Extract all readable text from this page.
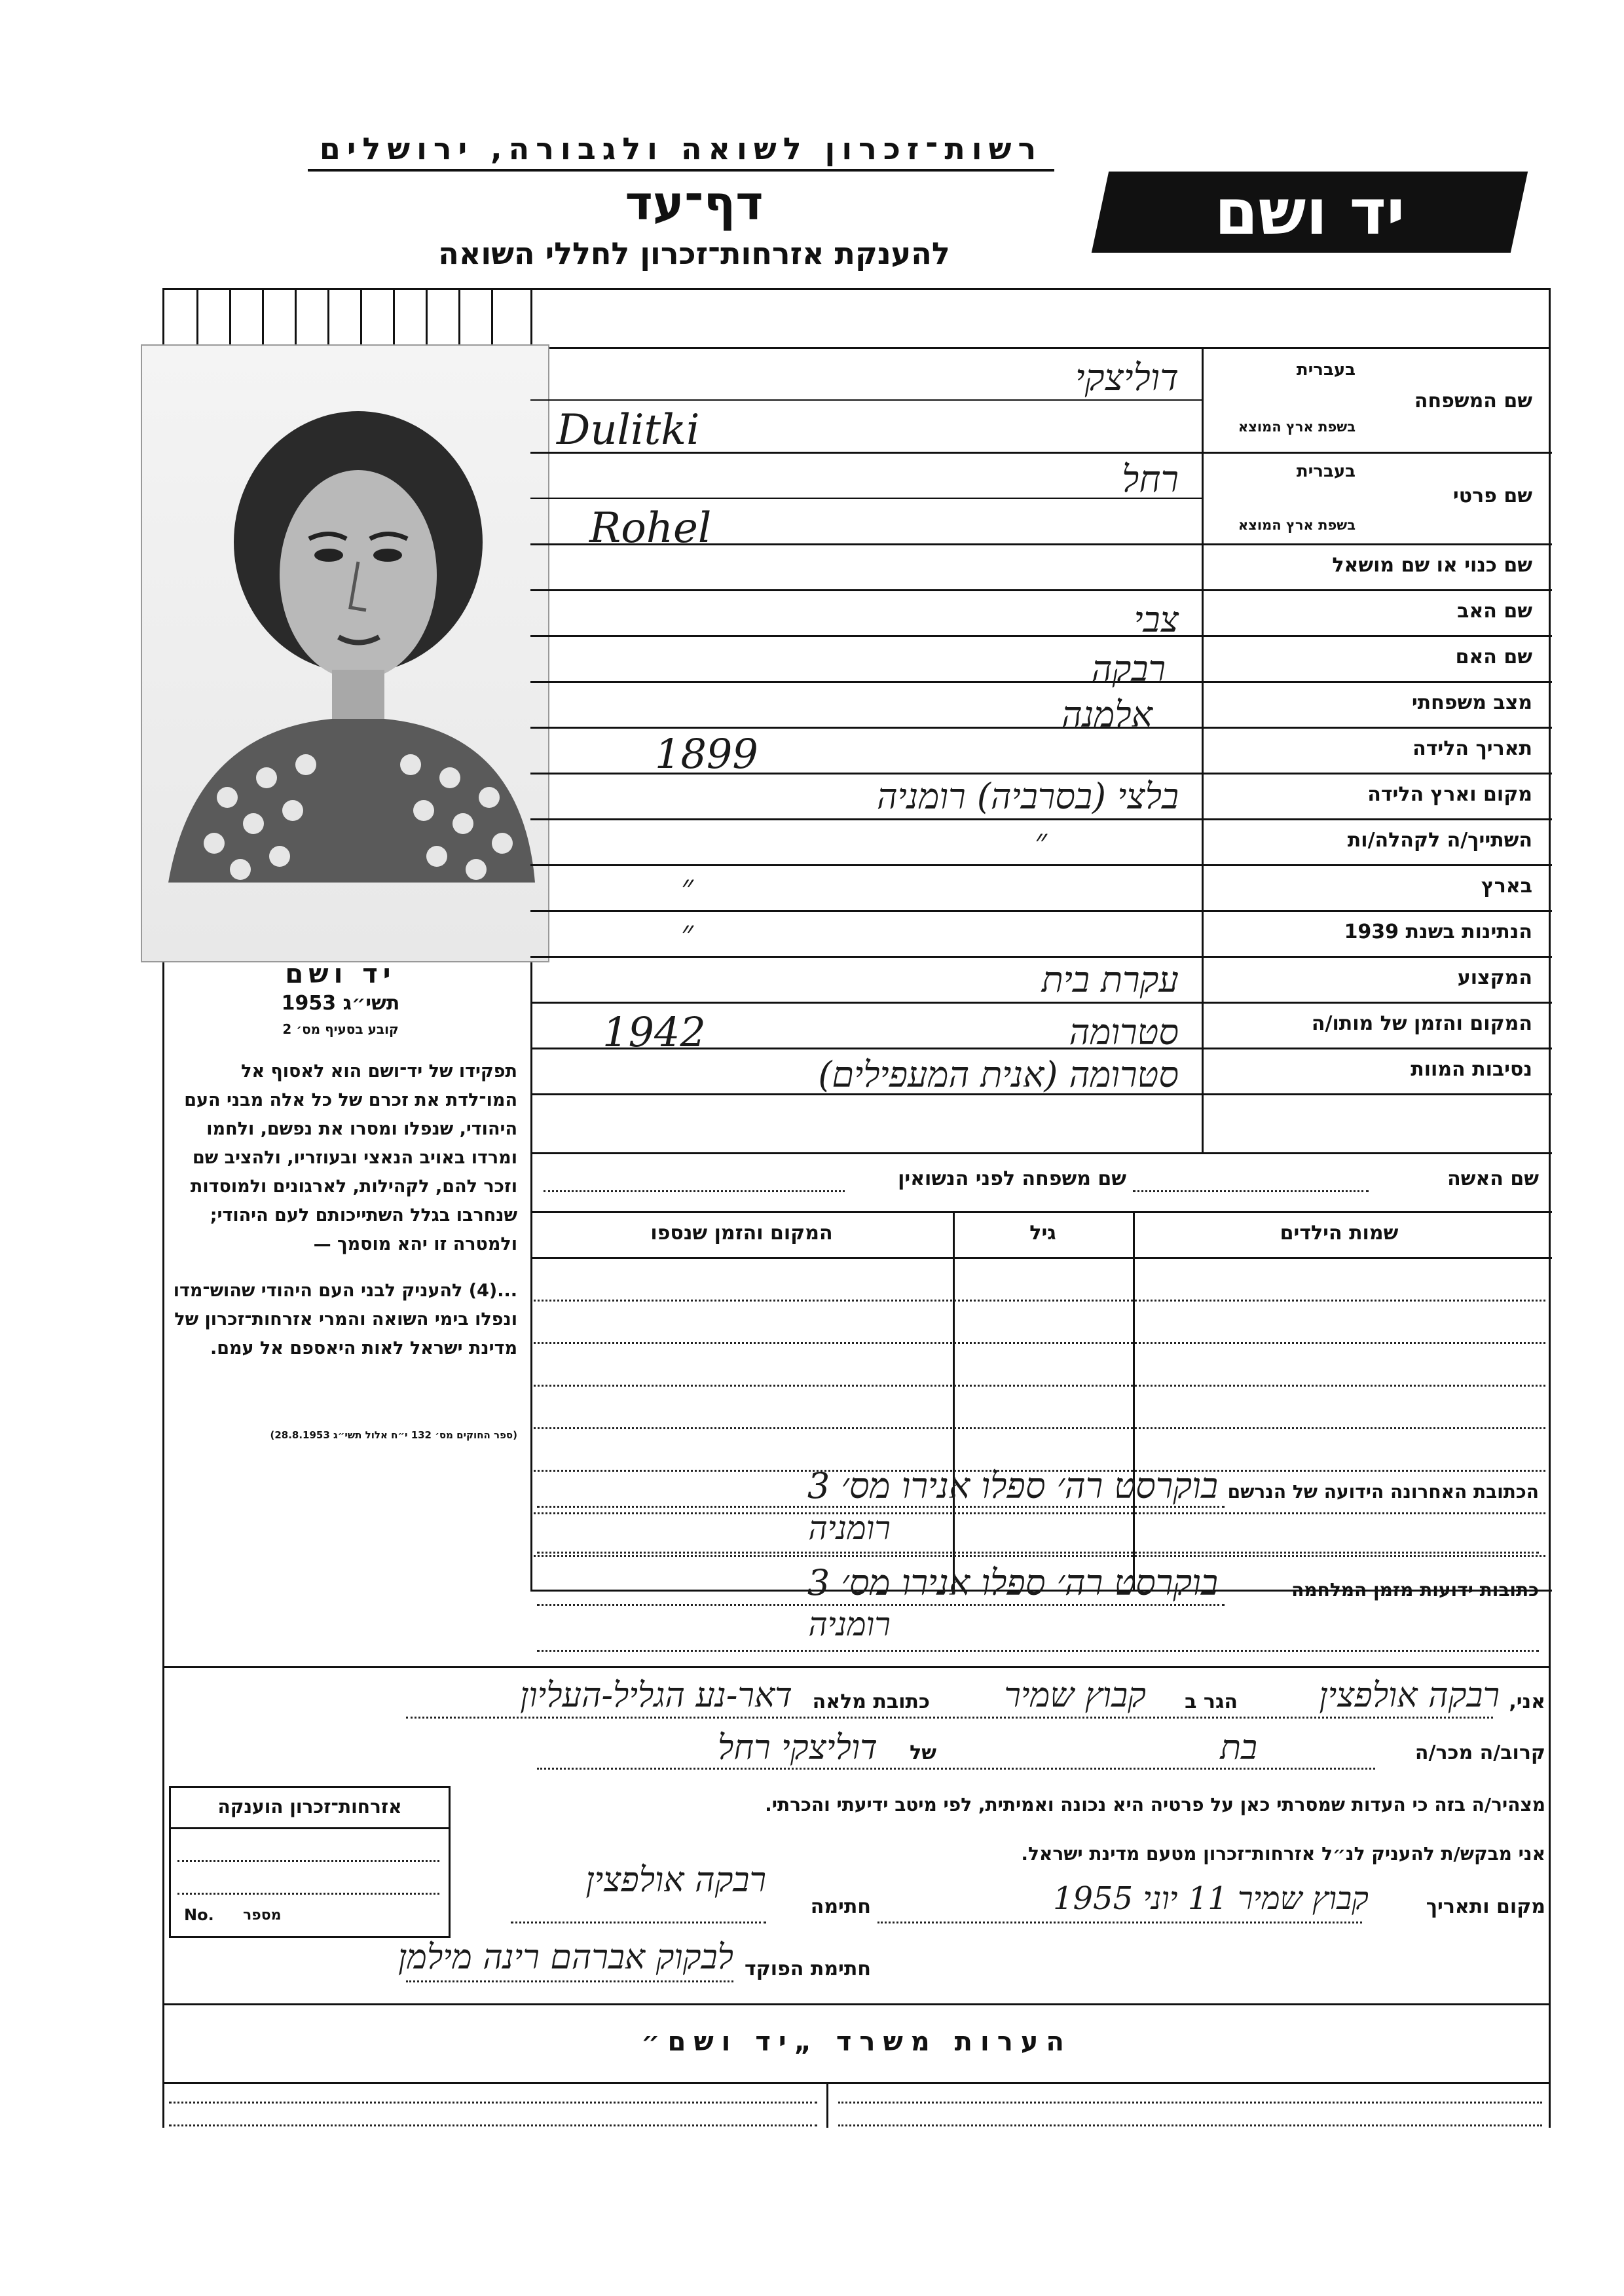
רשות־זכרון לשואה ולגבורה, ירושלים
דף־עד
להענקת אזרחות־זכרון לחללי השואה
יד ושם
יד ושם
תשי״ג 1953
קובע בסעיף מס׳ 2
תפקידו של יד־ושם הוא לאסוף אל המו־לדת את זכרם של כל אלה מבני העם היהודי, שנפלו ומסרו את נפשם, ולחמו ומרדו באויב הנאצי ובעוזריו, ולהציב שם וזכר להם, לקהילות, לארגונים ולמוסדות שנחרבו בגלל השתייכותם לעם היהודי; ולמטרה זו יהא מוסמך —
...(4) להעניק לבני העם היהודי שהוש־מדו ונפלו בימי השואה והמרי אזרחות־זכרון של מדינת ישראל לאות היאספם אל עמם.
(ספר החוקים מס׳ 132 י״ח אלול תשי״ג 28.8.1953)
שם המשפחה
בעברית
בשפת ארץ המוצא
שם פרטי
בעברית
בשפת ארץ המוצא
שם כנוי או שם מושאל
שם האב
שם האם
מצב משפחתי
תאריך הלידה
מקום וארץ הלידה
השתייך/ה לקהלה/ות
בארץ
הנתינות בשנת 1939
המקצוע
המקום והזמן של מותו/ה
נסיבות המוות
דוליצקי
Dulitki
רחל
Rohel
צבי
רבקה
אלמנה
1899
בלצי (בסרביה) רומניה
״
״
״
עקרת בית
1942	סטרומה
סטרומה (אנית המעפילים)
שם האשה
שם משפחה לפני הנשואין
שמות הילדים
גיל
המקום והזמן שנספו
הכתובת האחרונה הידועה של הנרשם
בוקרסט רה׳ ספלו אנירו מס׳ 3
רומניה
כתובות ידועות מזמן המלחמה
בוקרסט רה׳ ספלו אנירו מס׳ 3
רומניה
אני,
רבקה אולפצין
הגר ב
קבוץ שמיר
כתובת מלאה
דאר-נע הגליל-העליון
קרוב/ה מכר/ה
בת
של
דוליצקי רחל
מצהיר/ה בזה כי העדות שמסרתי כאן על פרטיה היא נכונה ואמיתית, לפי מיטב ידיעתי והכרתי.
אני מבקש/ת להעניק לנ״ל אזרחות־זכרון מטעם מדינת ישראל.
מקום ותאריך
קבוץ שמיר 11 יוני 1955
חתימה
רבקה אולפצין
חתימת הפוקד
לבקוק אברהם רינה מילמן
אזרחות־זכרון הוענקה
No. מספר
הערות משרד „יד ושם״
